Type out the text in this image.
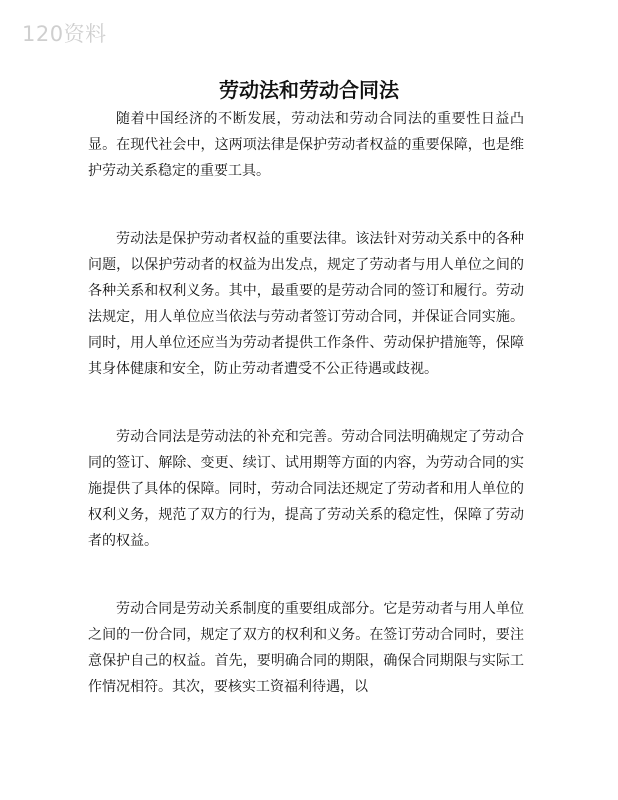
120资料
劳动法和劳动合同法

随着中国经济的不断发展，劳动法和劳动合同法的重要性日益凸显。在现代社会中，这两项法律是保护劳动者权益的重要保障，也是维护劳动关系稳定的重要工具。

劳动法是保护劳动者权益的重要法律。该法针对劳动关系中的各种问题，以保护劳动者的权益为出发点，规定了劳动者与用人单位之间的各种关系和权利义务。其中，最重要的是劳动合同的签订和履行。劳动法规定，用人单位应当依法与劳动者签订劳动合同，并保证合同实施。同时，用人单位还应当为劳动者提供工作条件、劳动保护措施等，保障其身体健康和安全，防止劳动者遭受不公正待遇或歧视。

劳动合同法是劳动法的补充和完善。劳动合同法明确规定了劳动合同的签订、解除、变更、续订、试用期等方面的内容，为劳动合同的实施提供了具体的保障。同时，劳动合同法还规定了劳动者和用人单位的权利义务，规范了双方的行为，提高了劳动关系的稳定性，保障了劳动者的权益。

劳动合同是劳动关系制度的重要组成部分。它是劳动者与用人单位之间的一份合同，规定了双方的权利和义务。在签订劳动合同时，要注意保护自己的权益。首先，要明确合同的期限，确保合同期限与实际工作情况相符。其次，要核实工资福利待遇，以
